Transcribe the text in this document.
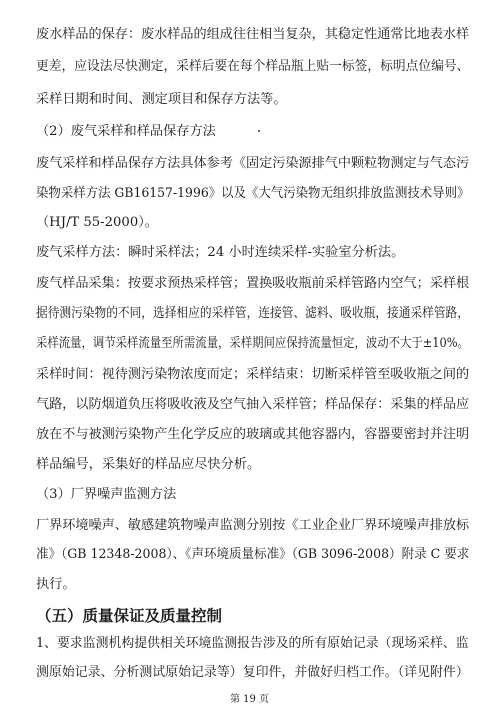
废水样品的保存：废水样品的组成往往相当复杂，其稳定性通常比地表水样
更差，应设法尽快测定，采样后要在每个样品瓶上贴一标签，标明点位编号、
采样日期和时间、测定项目和保存方法等。
（2）废气采样和样品保存方法
废气采样和样品保存方法具体参考《固定污染源排气中颗粒物测定与气态污
染物采样方法 GB16157-1996》以及《大气污染物无组织排放监测技术导则》
（HJ/T 55-2000）。
废气采样方法：瞬时采样法；24 小时连续采样-实验室分析法。
废气样品采集：按要求预热采样管；置换吸收瓶前采样管路内空气；采样根
据待测污染物的不同，选择相应的采样管，连接管、滤料、吸收瓶，接通采样管路，
采样流量，调节采样流量至所需流量，采样期间应保持流量恒定，波动不大于±10%。
采样时间：视待测污染物浓度而定；采样结束：切断采样管至吸收瓶之间的
气路，以防烟道负压将吸收液及空气抽入采样管；样品保存：采集的样品应
放在不与被测污染物产生化学反应的玻璃或其他容器内，容器要密封并注明
样品编号，采集好的样品应尽快分析。
（3）厂界噪声监测方法
厂界环境噪声、敏感建筑物噪声监测分别按《工业企业厂界环境噪声排放标
准》（GB 12348-2008）、《声环境质量标准》（GB 3096-2008）附录 C 要求
执行。
（五）质量保证及质量控制
1、要求监测机构提供相关环境监测报告涉及的所有原始记录（现场采样、监
测原始记录、分析测试原始记录等）复印件，并做好归档工作。（详见附件）
第 19 页
